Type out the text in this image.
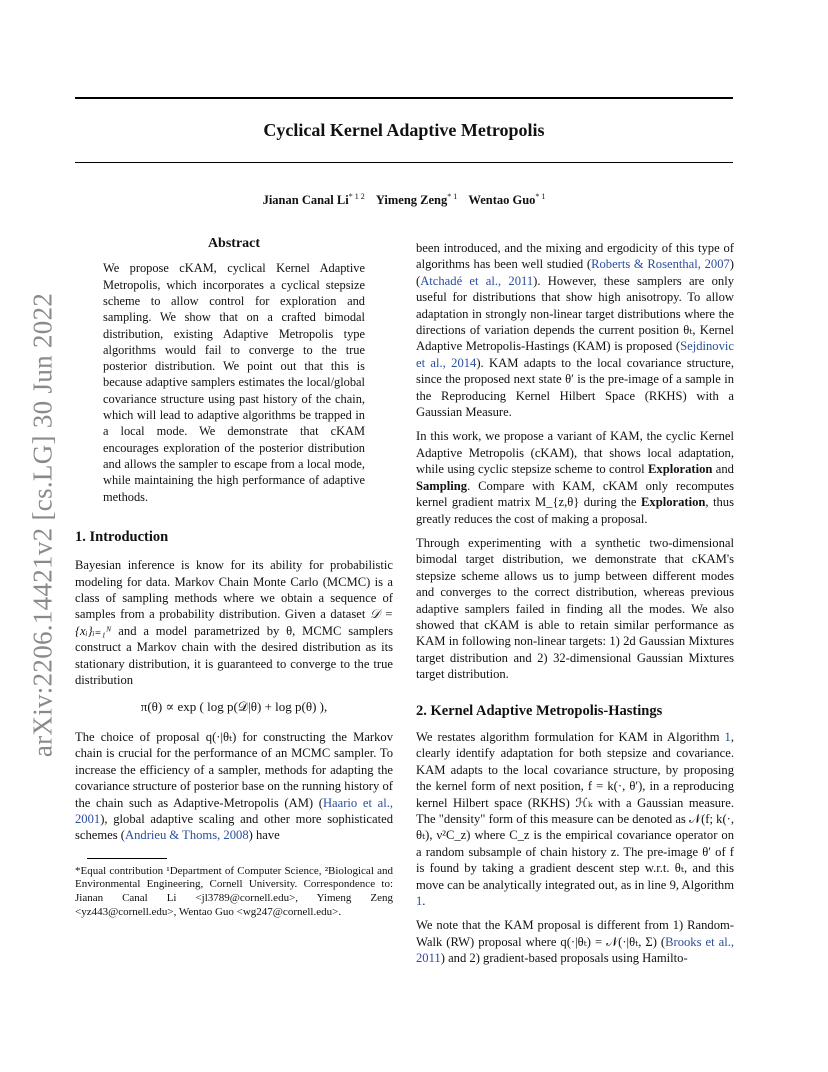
Cyclical Kernel Adaptive Metropolis
Jianan Canal $Li^{* 1 2}$ Yimeng Zeng$^{* 1}$ Wentao Guo$^{* 1}$
arXiv:2206.14421v2 [cs.LG] 30 Jun 2022
Abstract
We propose cKAM, cyclical Kernel Adaptive Metropolis, which incorporates a cyclical stepsize scheme to allow control for exploration and sampling. We show that on a crafted bimodal distribution, existing Adaptive Metropolis type algorithms would fail to converge to the true posterior distribution. We point out that this is because adaptive samplers estimates the local/global covariance structure using past history of the chain, which will lead to adaptive algorithms be trapped in a local mode. We demonstrate that cKAM encourages exploration of the posterior distribution and allows the sampler to escape from a local mode, while maintaining the high performance of adaptive methods.
1. Introduction

Bayesian inference is know for its ability for probabilistic modeling for data. Markov Chain Monte Carlo (MCMC) is a class of sampling methods where we obtain a sequence of samples from a probability distribution. Given a dataset 𝒟 = {xᵢ}ᵢ₌₁ᴺ and a model parametrized by θ, MCMC samplers construct a Markov chain with the desired distribution as its stationary distribution, it is guaranteed to converge to the true distribution

π(θ) ∝ exp ( log p(𝒟|θ) + log p(θ) ),

The choice of proposal q(·|θₜ) for constructing the Markov chain is crucial for the performance of an MCMC sampler. To increase the efficiency of a sampler, methods for adapting the covariance structure of posterior base on the running history of the chain such as Adaptive-Metropolis (AM) (Haario et al., 2001), global adaptive scaling and other more sophisticated schemes (Andrieu & Thoms, 2008) have

*Equal contribution ¹Department of Computer Science, ²Biological and Environmental Engineering, Cornell University. Correspondence to: Jianan Canal Li <jl3789@cornell.edu>, Yimeng Zeng <yz443@cornell.edu>, Wentao Guo <wg247@cornell.edu>.

been introduced, and the mixing and ergodicity of this type of algorithms has been well studied (Roberts & Rosenthal, 2007) (Atchadé et al., 2011). However, these samplers are only useful for distributions that show high anisotropy. To allow adaptation in strongly non-linear target distributions where the directions of variation depends the current position θₜ, Kernel Adaptive Metropolis-Hastings (KAM) is proposed (Sejdinovic et al., 2014). KAM adapts to the local covariance structure, since the proposed next state θ′ is the pre-image of a sample in the Reproducing Kernel Hilbert Space (RKHS) with a Gaussian Measure.

In this work, we propose a variant of KAM, the cyclic Kernel Adaptive Metropolis (cKAM), that shows local adaptation, while using cyclic stepsize scheme to control Exploration and Sampling. Compare with KAM, cKAM only recomputes kernel gradient matrix M_{z,θ} during the Exploration, thus greatly reduces the cost of making a proposal.

Through experimenting with a synthetic two-dimensional bimodal target distribution, we demonstrate that cKAM's stepsize scheme allows us to jump between different modes and converges to the correct distribution, whereas previous adaptive samplers failed in finding all the modes. We also showed that cKAM is able to retain similar performance as KAM in following non-linear targets: 1) 2d Gaussian Mixtures target distribution and 2) 32-dimensional Gaussian Mixtures target distribution.

2. Kernel Adaptive Metropolis-Hastings

We restates algorithm formulation for KAM in Algorithm 1, clearly identify adaptation for both stepsize and covariance. KAM adapts to the local covariance structure, by proposing the kernel form of next position, f = k(·, θ′), in a reproducing kernel Hilbert space (RKHS) ℋₖ with a Gaussian measure. The "density" form of this measure can be denoted as 𝒩(f; k(·, θₜ), ν²C_z) where C_z is the empirical covariance operator on a random subsample of chain history z. The pre-image θ′ of f is found by taking a gradient descent step w.r.t. θₜ, and this move can be analytically integrated out, as in line 9, Algorithm 1.

We note that the KAM proposal is different from 1) Random-Walk (RW) proposal where q(·|θₜ) = 𝒩(·|θₜ, Σ) (Brooks et al., 2011) and 2) gradient-based proposals using Hamilto-
